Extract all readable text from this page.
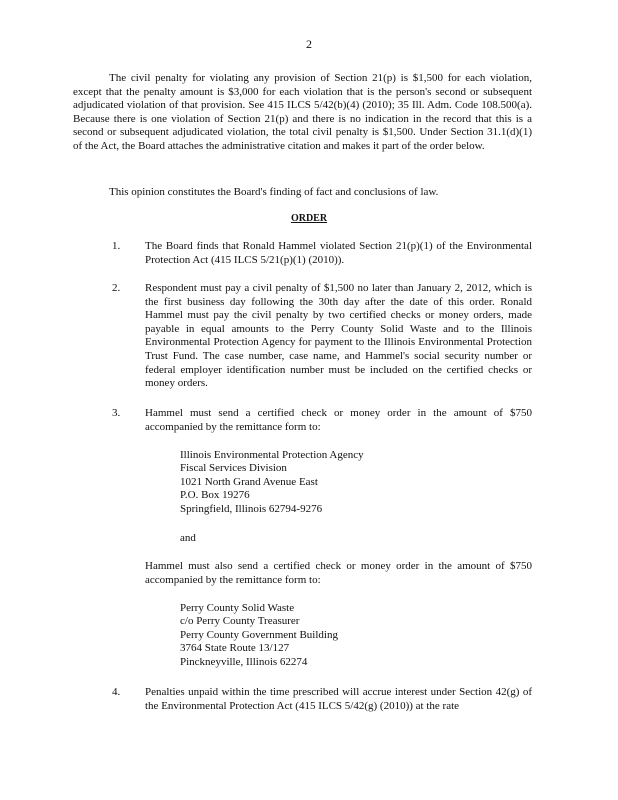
2
The civil penalty for violating any provision of Section 21(p) is $1,500 for each violation, except that the penalty amount is $3,000 for each violation that is the person's second or subsequent adjudicated violation of that provision. See 415 ILCS 5/42(b)(4) (2010); 35 Ill. Adm. Code 108.500(a). Because there is one violation of Section 21(p) and there is no indication in the record that this is a second or subsequent adjudicated violation, the total civil penalty is $1,500. Under Section 31.1(d)(1) of the Act, the Board attaches the administrative citation and makes it part of the order below.
This opinion constitutes the Board's finding of fact and conclusions of law.
ORDER
1.	The Board finds that Ronald Hammel violated Section 21(p)(1) of the Environmental Protection Act (415 ILCS 5/21(p)(1) (2010)).
2.	Respondent must pay a civil penalty of $1,500 no later than January 2, 2012, which is the first business day following the 30th day after the date of this order. Ronald Hammel must pay the civil penalty by two certified checks or money orders, made payable in equal amounts to the Perry County Solid Waste and to the Illinois Environmental Protection Agency for payment to the Illinois Environmental Protection Trust Fund. The case number, case name, and Hammel's social security number or federal employer identification number must be included on the certified checks or money orders.
3.	Hammel must send a certified check or money order in the amount of $750 accompanied by the remittance form to:
Illinois Environmental Protection Agency
Fiscal Services Division
1021 North Grand Avenue East
P.O. Box 19276
Springfield, Illinois 62794-9276
and
Hammel must also send a certified check or money order in the amount of $750 accompanied by the remittance form to:
Perry County Solid Waste
c/o Perry County Treasurer
Perry County Government Building
3764 State Route 13/127
Pinckneyville, Illinois 62274
4.	Penalties unpaid within the time prescribed will accrue interest under Section 42(g) of the Environmental Protection Act (415 ILCS 5/42(g) (2010)) at the rate
